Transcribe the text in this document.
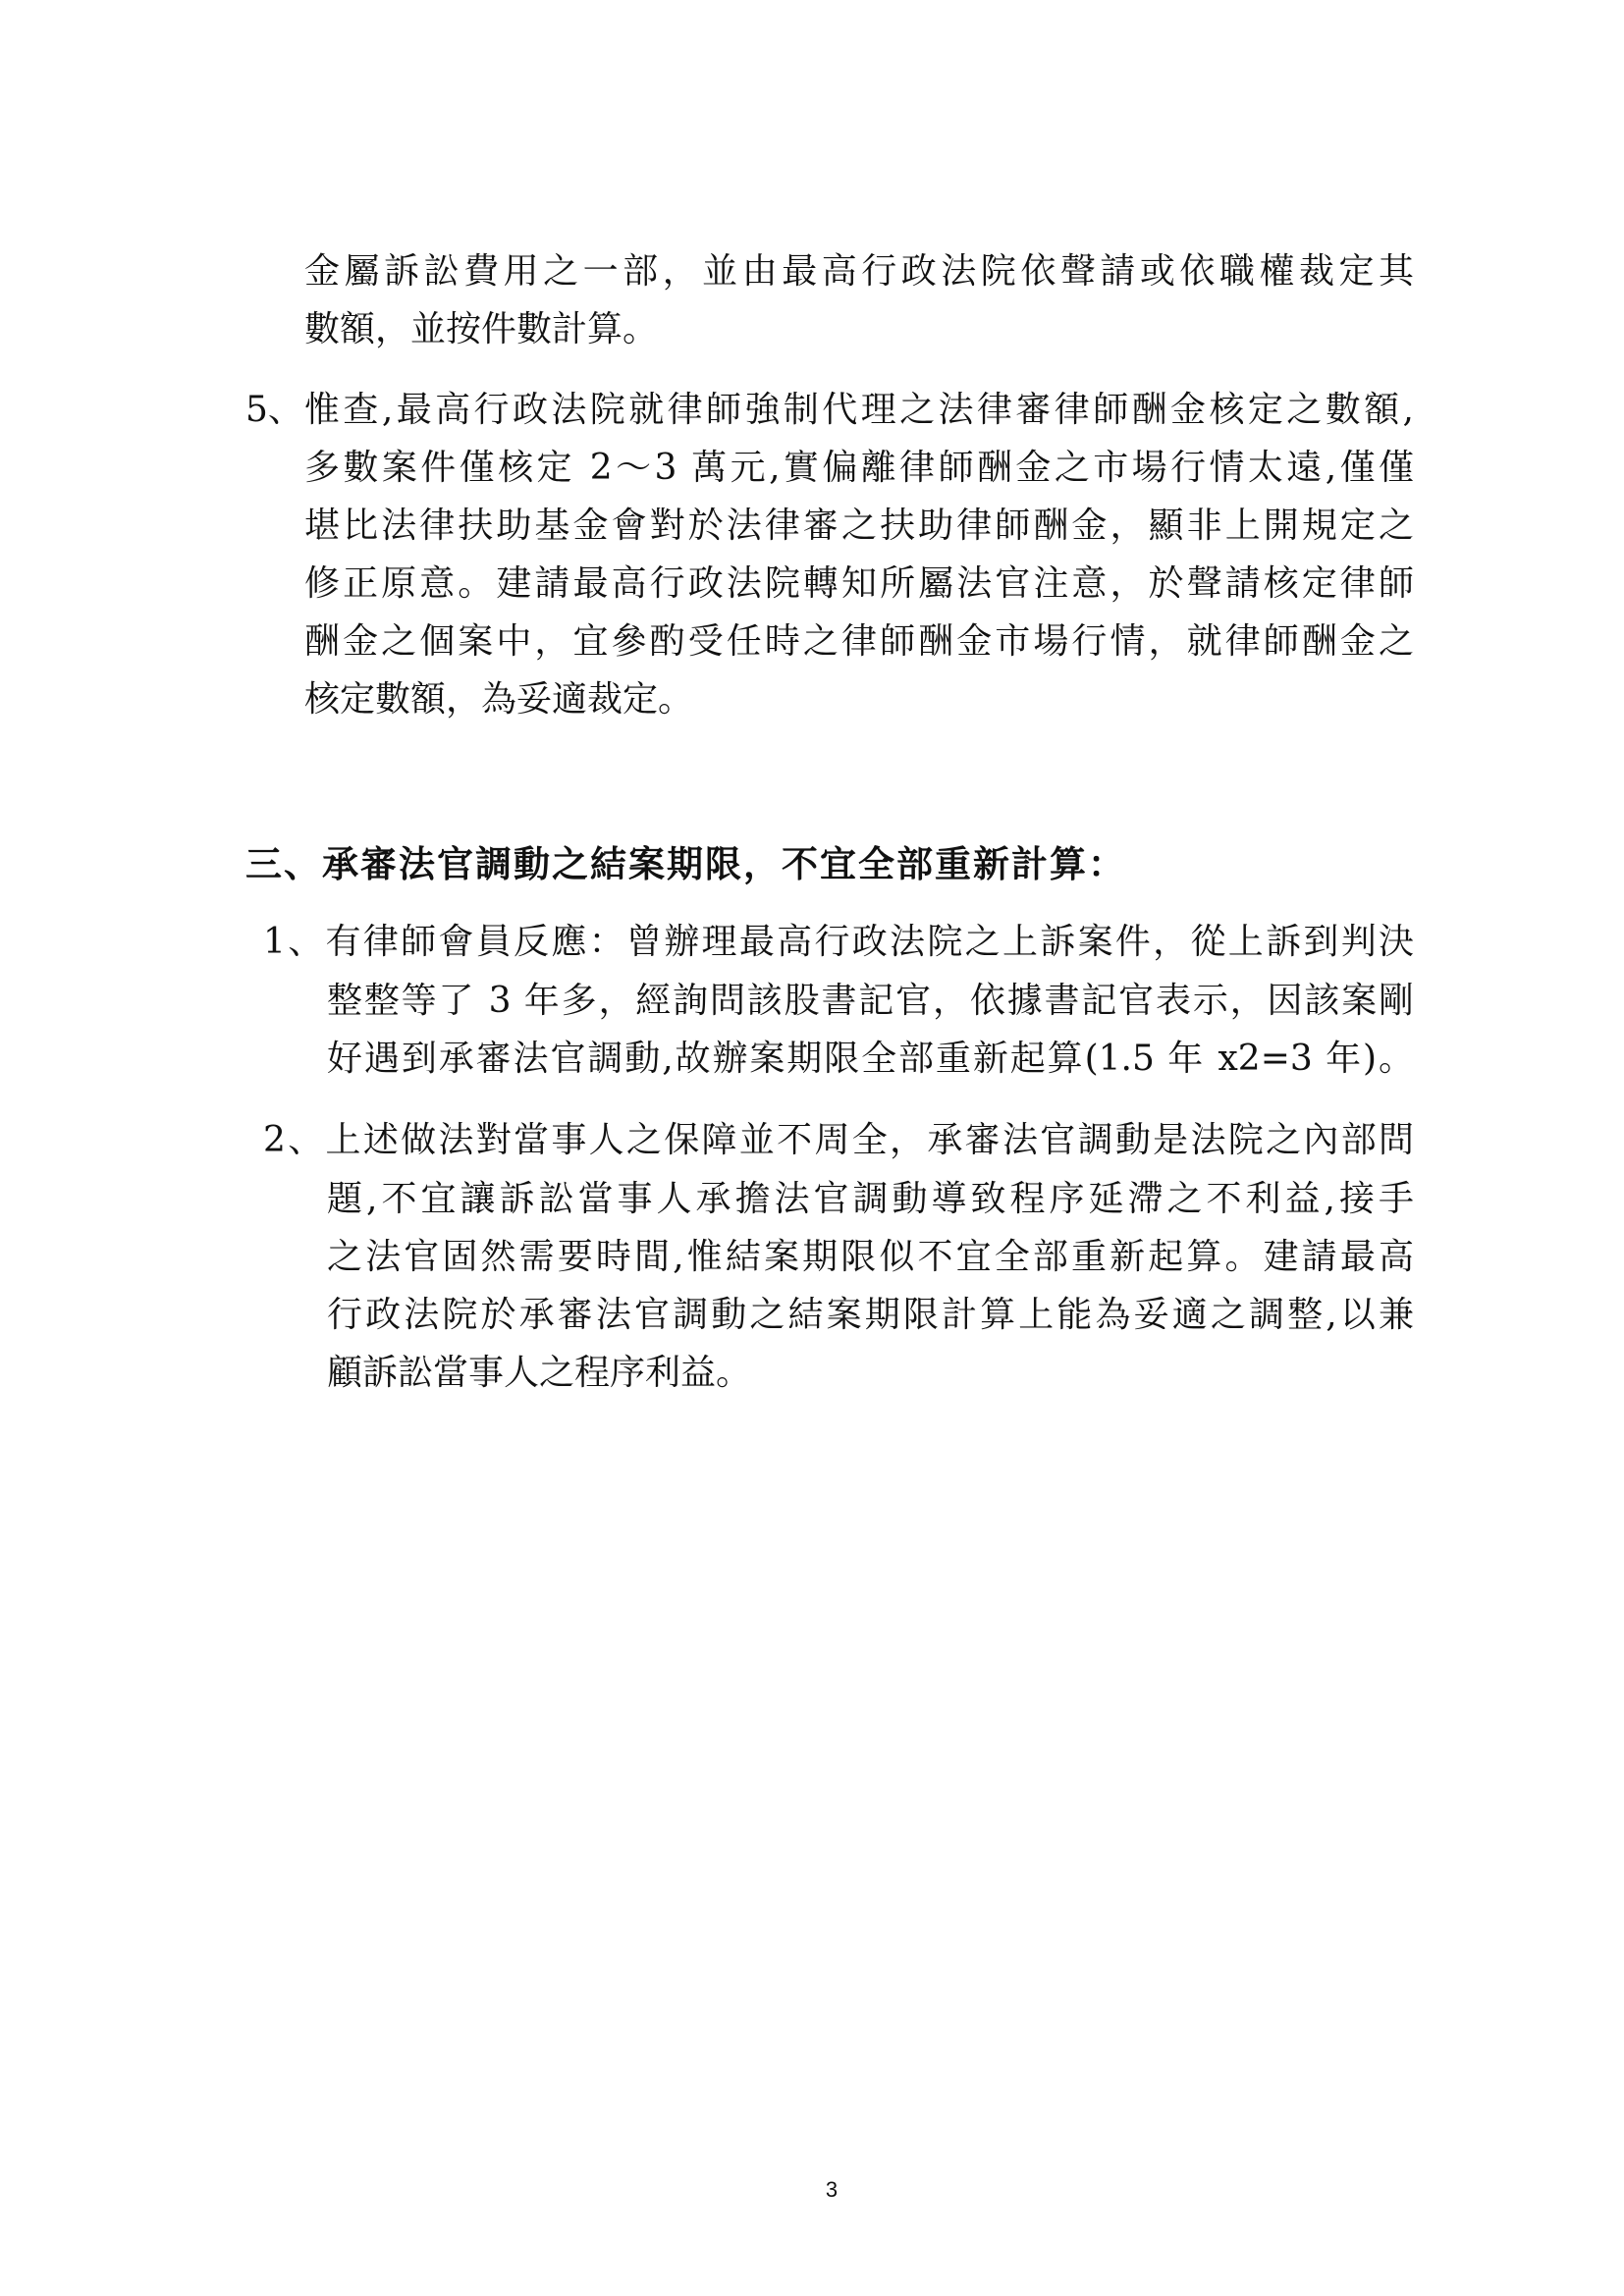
金屬訴訟費用之一部，並由最高行政法院依聲請或依職權裁定其
數額，並按件數計算。
5、 惟查,最高行政法院就律師強制代理之法律審律師酬金核定之數額,
多數案件僅核定 2～3 萬元,實偏離律師酬金之市場行情太遠,僅僅
堪比法律扶助基金會對於法律審之扶助律師酬金，顯非上開規定之
修正原意。建請最高行政法院轉知所屬法官注意，於聲請核定律師
酬金之個案中，宜參酌受任時之律師酬金市場行情，就律師酬金之
核定數額，為妥適裁定。
三、承審法官調動之結案期限，不宜全部重新計算：
1、有律師會員反應：曾辦理最高行政法院之上訴案件，從上訴到判決
整整等了 3 年多，經詢問該股書記官，依據書記官表示，因該案剛
好遇到承審法官調動,故辦案期限全部重新起算(1.5 年 x2=3 年)。
2、上述做法對當事人之保障並不周全，承審法官調動是法院之內部問
題,不宜讓訴訟當事人承擔法官調動導致程序延滯之不利益,接手
之法官固然需要時間,惟結案期限似不宜全部重新起算。建請最高
行政法院於承審法官調動之結案期限計算上能為妥適之調整,以兼
顧訴訟當事人之程序利益。
3
